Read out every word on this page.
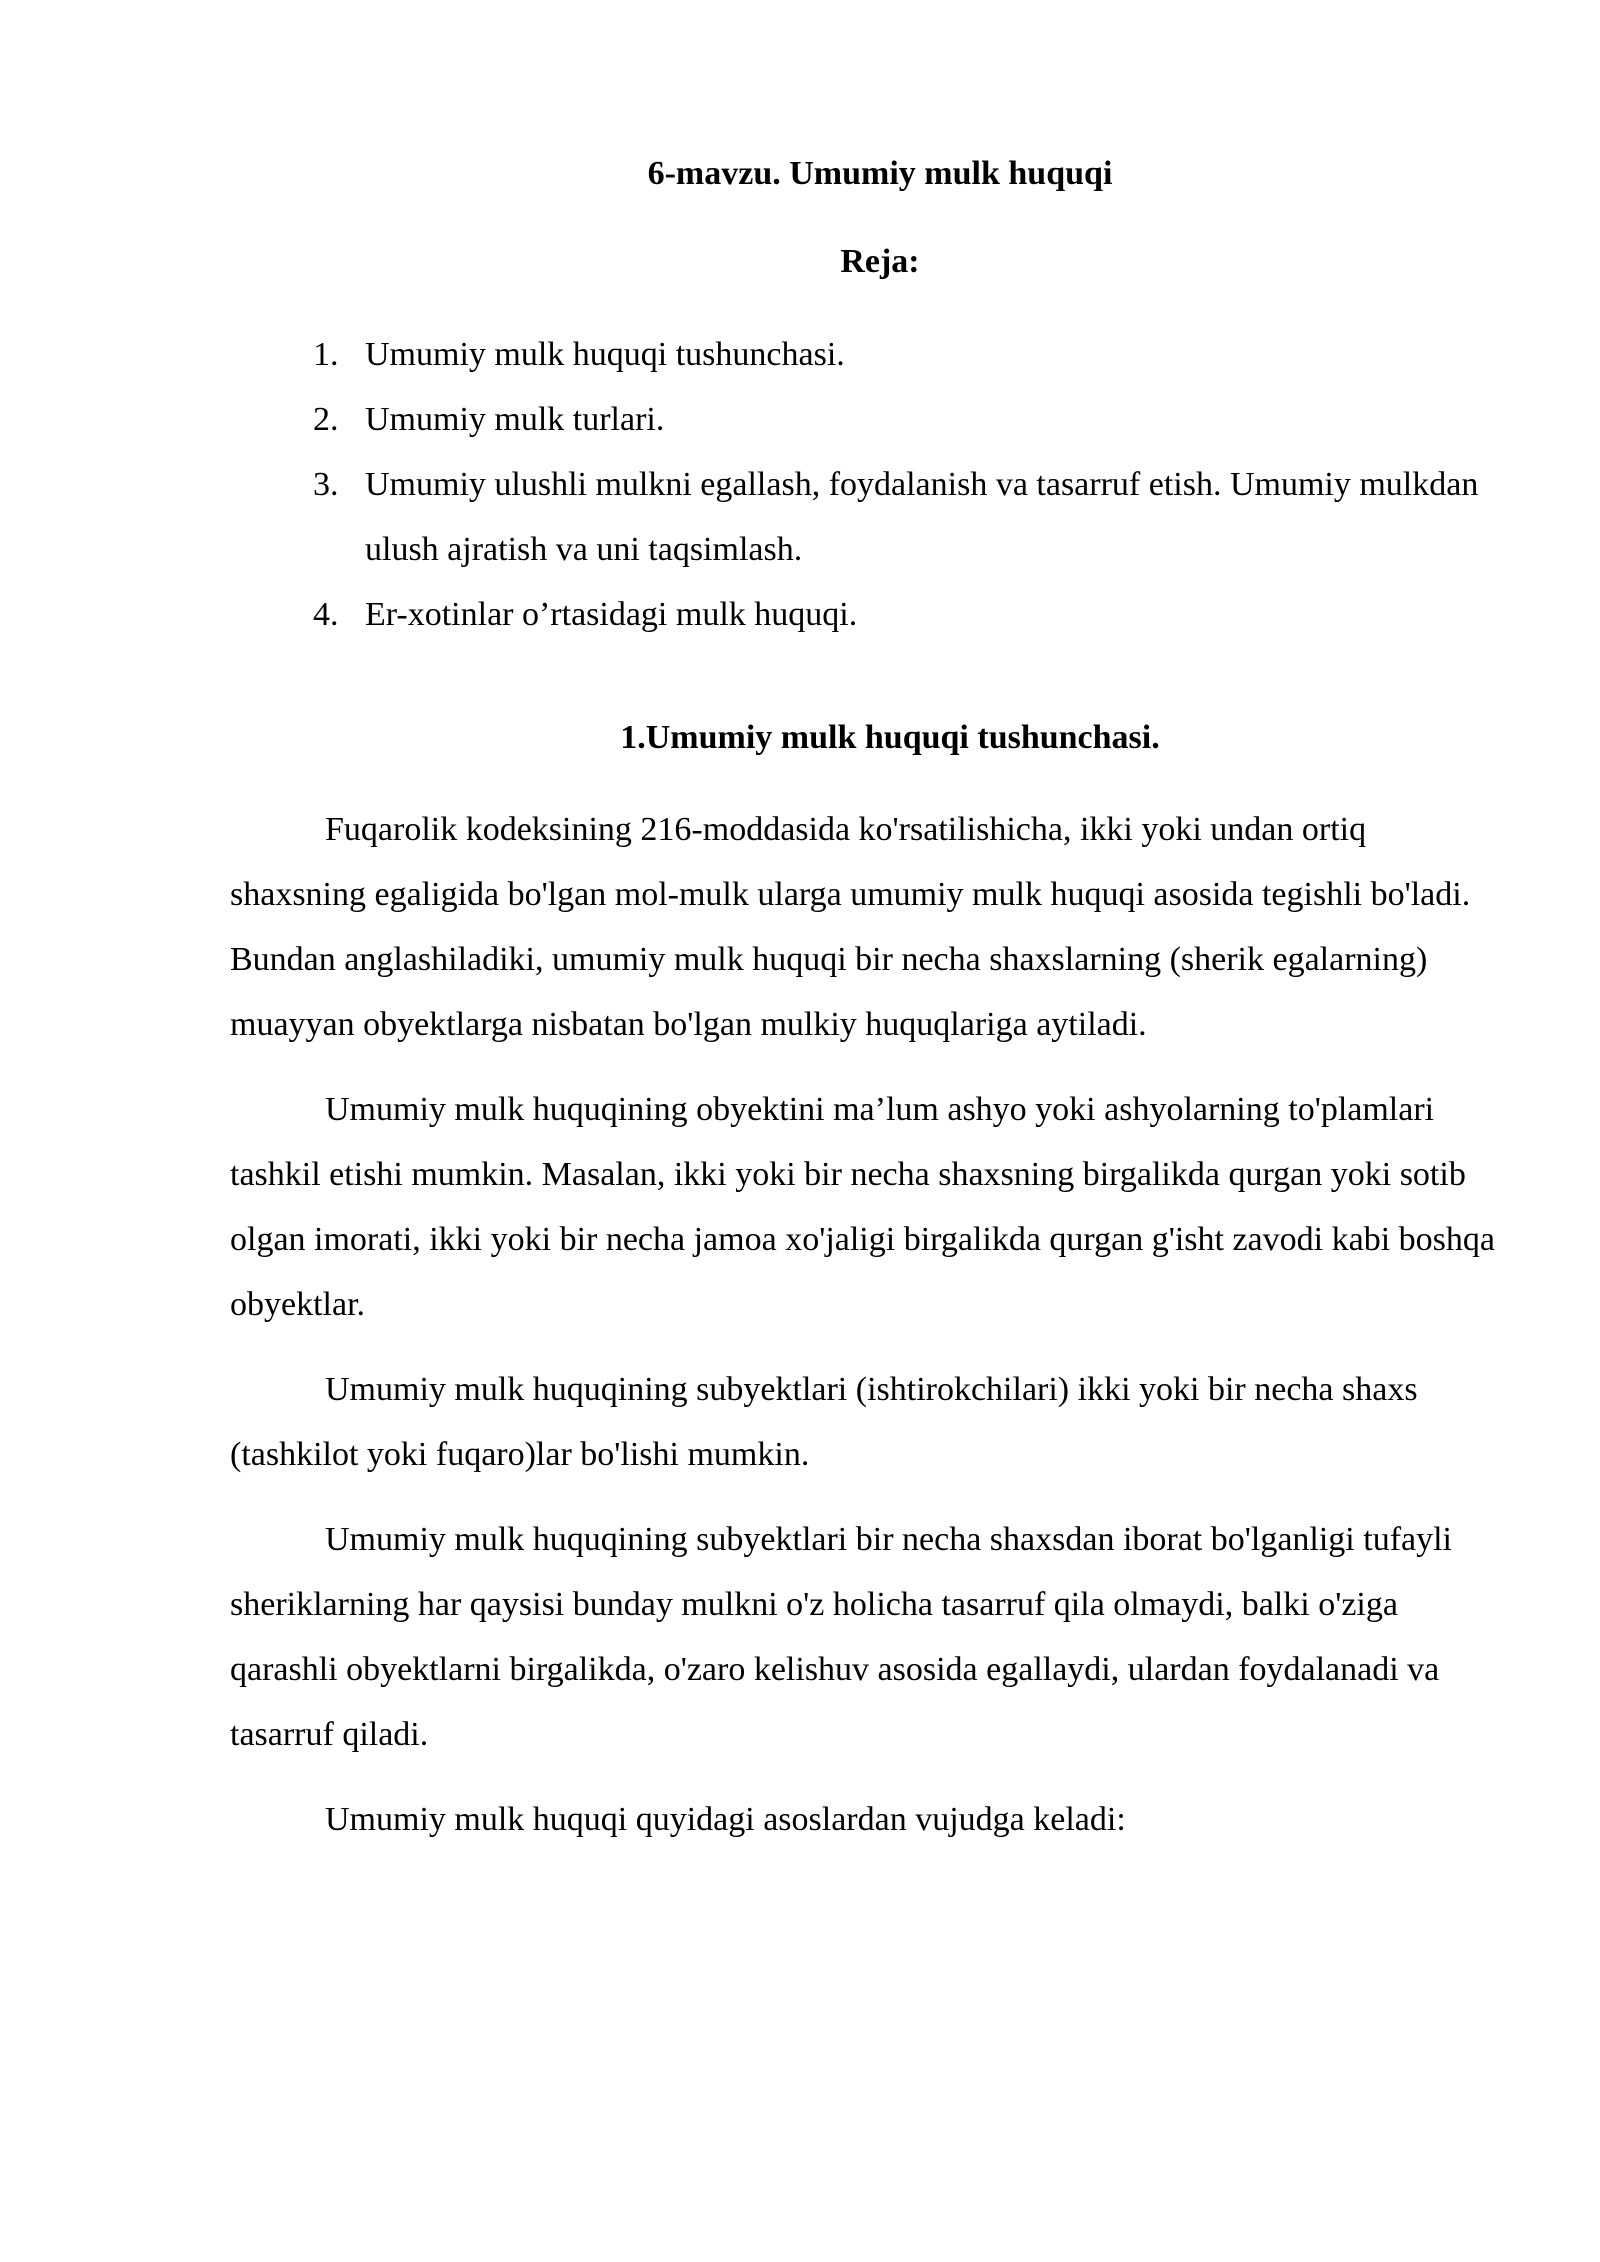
6-mavzu. Umumiy mulk huquqi
Reja:
1. Umumiy mulk huquqi tushunchasi.
2. Umumiy mulk turlari.
3. Umumiy ulushli mulkni egallash, foydalanish va tasarruf etish. Umumiy mulkdan ulush ajratish va uni taqsimlash.
4. Er-xotinlar o’rtasidagi mulk huquqi.
1.Umumiy mulk huquqi tushunchasi.

Fuqarolik kodeksining 216-moddasida ko'rsatilishicha, ikki yoki undan ortiq shaxsning egaligida bo'lgan mol-mulk ularga umumiy mulk huquqi asosida tegishli bo'ladi. Bundan anglashiladiki, umumiy mulk huquqi bir necha shaxslarning (sherik egalarning) muayyan obyektlarga nisbatan bo'lgan mulkiy huquqlariga aytiladi.

Umumiy mulk huquqining obyektini ma’lum ashyo yoki ashyolarning to'plamlari tashkil etishi mumkin. Masalan, ikki yoki bir necha shaxsning birgalikda qurgan yoki sotib olgan imorati, ikki yoki bir necha jamoa xo'jaligi birgalikda qurgan g'isht zavodi kabi boshqa obyektlar.

Umumiy mulk huquqining subyektlari (ishtirokchilari) ikki yoki bir necha shaxs (tashkilot yoki fuqaro)lar bo'lishi mumkin.

Umumiy mulk huquqining subyektlari bir necha shaxsdan iborat bo'lganligi tufayli sheriklarning har qaysisi bunday mulkni o'z holicha tasarruf qila olmaydi, balki o'ziga qarashli obyektlarni birgalikda, o'zaro kelishuv asosida egallaydi, ulardan foydalanadi va tasarruf qiladi.

Umumiy mulk huquqi quyidagi asoslardan vujudga keladi:
